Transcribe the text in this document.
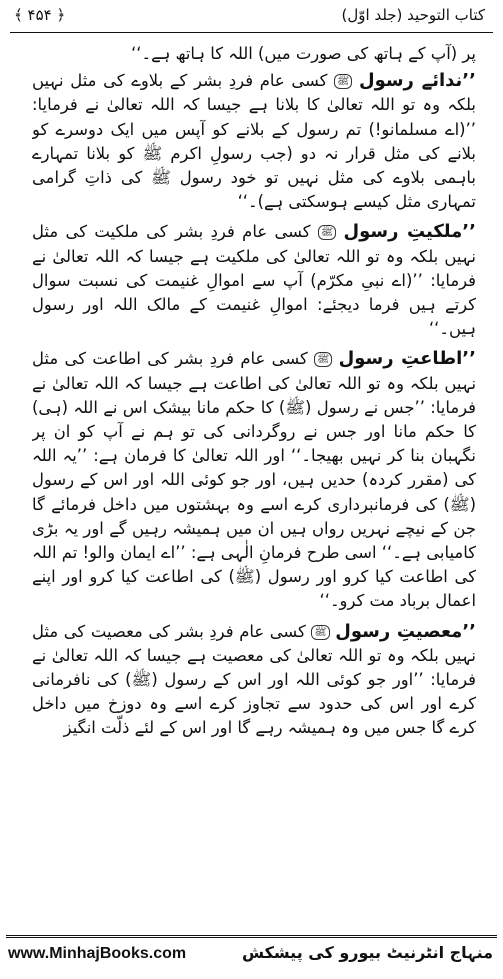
﴾ ۴۵۴ ﴿	کتاب التوحید (جلد اوّل)

پر (آپ کے ہاتھ کی صورت میں) اللہ کا ہاتھ ہے۔‘‘

’’ندائے رسول ﷺ کسی عام فردِ بشر کے بلاوے کی مثل نہیں بلکہ وہ تو اللہ تعالیٰ کا بلانا ہے جیسا کہ اللہ تعالیٰ نے فرمایا: ’’(اے مسلمانو!) تم رسول کے بلانے کو آپس میں ایک دوسرے کو بلانے کی مثل قرار نہ دو (جب رسولِ اکرم ﷺ کو بلانا تمہارے باہمی بلاوے کی مثل نہیں تو خود رسول ﷺ کی ذاتِ گرامی تمہاری مثل کیسے ہوسکتی ہے)۔‘‘

’’ملکیتِ رسول ﷺ کسی عام فردِ بشر کی ملکیت کی مثل نہیں بلکہ وہ تو اللہ تعالیٰ کی ملکیت ہے جیسا کہ اللہ تعالیٰ نے فرمایا: ’’(اے نبیِ مکرّم) آپ سے اموالِ غنیمت کی نسبت سوال کرتے ہیں فرما دیجئے: اموالِ غنیمت کے مالک اللہ اور رسول ہیں۔‘‘

’’اطاعتِ رسول ﷺ کسی عام فردِ بشر کی اطاعت کی مثل نہیں بلکہ وہ تو اللہ تعالیٰ کی اطاعت ہے جیسا کہ اللہ تعالیٰ نے فرمایا: ’’جس نے رسول (ﷺ) کا حکم مانا بیشک اس نے اللہ (ہی) کا حکم مانا اور جس نے روگردانی کی تو ہم نے آپ کو ان پر نگہبان بنا کر نہیں بھیجا۔‘‘ اور اللہ تعالیٰ کا فرمان ہے: ’’یہ اللہ کی (مقرر کردہ) حدیں ہیں، اور جو کوئی اللہ اور اس کے رسول (ﷺ) کی فرمانبرداری کرے اسے وہ بہشتوں میں داخل فرمائے گا جن کے نیچے نہریں رواں ہیں ان میں ہمیشہ رہیں گے اور یہ بڑی کامیابی ہے۔‘‘ اسی طرح فرمانِ الٰہی ہے: ’’اے ایمان والو! تم اللہ کی اطاعت کیا کرو اور رسول (ﷺ) کی اطاعت کیا کرو اور اپنے اعمال برباد مت کرو۔‘‘

’’معصیتِ رسول ﷺ کسی عام فردِ بشر کی معصیت کی مثل نہیں بلکہ وہ تو اللہ تعالیٰ کی معصیت ہے جیسا کہ اللہ تعالیٰ نے فرمایا: ’’اور جو کوئی اللہ اور اس کے رسول (ﷺ) کی نافرمانی کرے اور اس کی حدود سے تجاوز کرے اسے وہ دوزخ میں داخل کرے گا جس میں وہ ہمیشہ رہے گا اور اس کے لئے ذلّت انگیز

www.MinhajBooks.com	منہاج انٹرنیٹ بیورو کی پیشکش
